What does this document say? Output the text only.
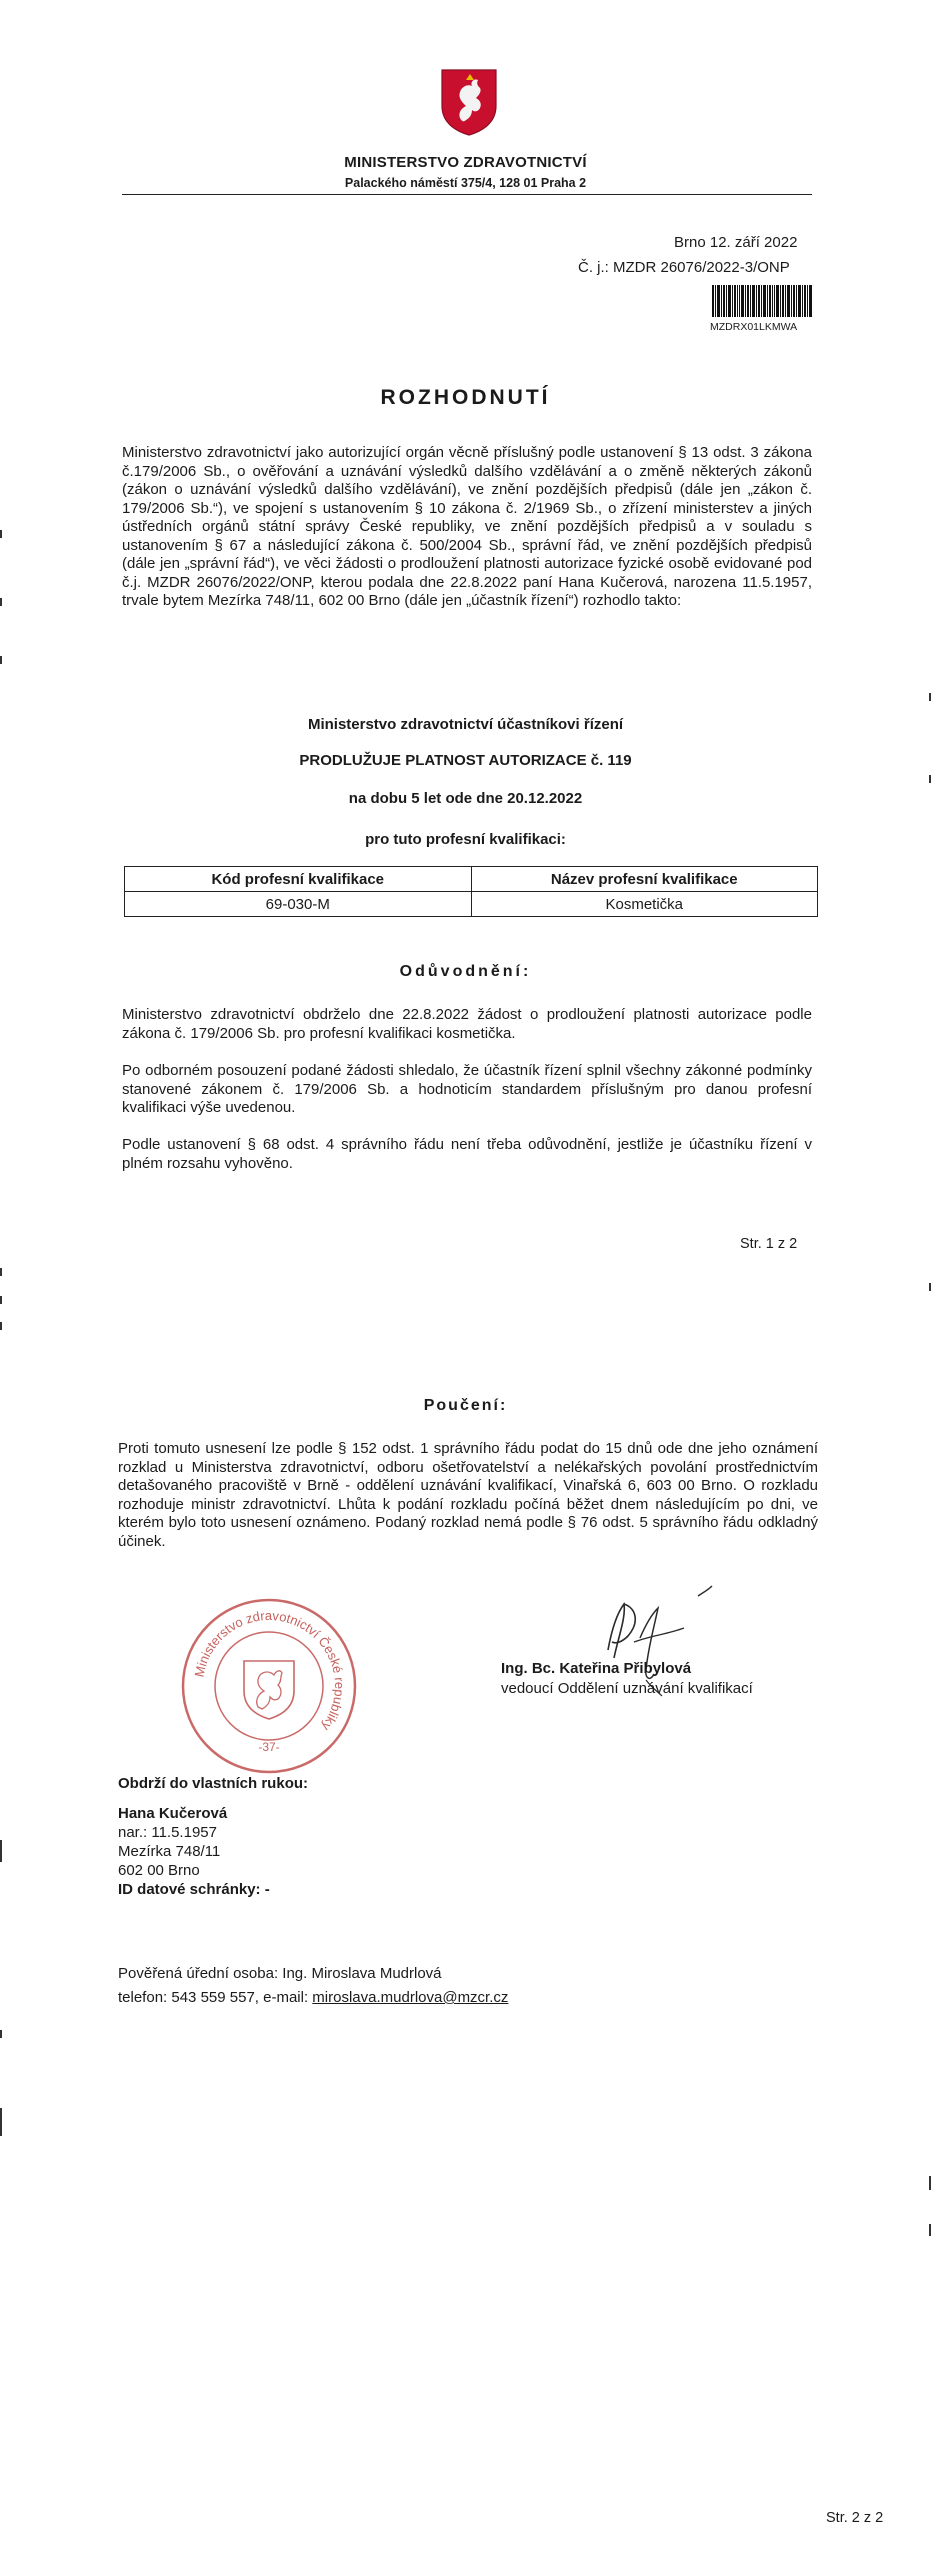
MINISTERSTVO ZDRAVOTNICTVÍ
Palackého náměstí 375/4, 128 01 Praha 2
Brno 12. září 2022
Č. j.: MZDR 26076/2022-3/ONP
MZDRX01LKMWA
ROZHODNUTÍ
Ministerstvo zdravotnictví jako autorizující orgán věcně příslušný podle ustanovení § 13 odst. 3 zákona č.179/2006 Sb., o ověřování a uznávání výsledků dalšího vzdělávání a o změně některých zákonů (zákon o uznávání výsledků dalšího vzdělávání), ve znění pozdějších předpisů (dále jen „zákon č. 179/2006 Sb.“), ve spojení s ustanovením § 10 zákona č. 2/1969 Sb., o zřízení ministerstev a jiných ústředních orgánů státní správy České republiky, ve znění pozdějších předpisů a v souladu s ustanovením § 67 a následující zákona č. 500/2004 Sb., správní řád, ve znění pozdějších předpisů (dále jen „správní řád“), ve věci žádosti o prodloužení platnosti autorizace fyzické osobě evidované pod č.j. MZDR 26076/2022/ONP, kterou podala dne 22.8.2022 paní Hana Kučerová, narozena 11.5.1957, trvale bytem Mezírka 748/11, 602 00 Brno (dále jen „účastník řízení“) rozhodlo takto:
Ministerstvo zdravotnictví účastníkovi řízení
PRODLUŽUJE PLATNOST AUTORIZACE č. 119
na dobu 5 let ode dne 20.12.2022
pro tuto profesní kvalifikaci:
Kód profesní kvalifikace	Název profesní kvalifikace
69-030-M	Kosmetička
Odůvodnění:
Ministerstvo zdravotnictví obdrželo dne 22.8.2022 žádost o prodloužení platnosti autorizace podle zákona č. 179/2006 Sb. pro profesní kvalifikaci kosmetička.
Po odborném posouzení podané žádosti shledalo, že účastník řízení splnil všechny zákonné podmínky stanovené zákonem č. 179/2006 Sb. a hodnoticím standardem příslušným pro danou profesní kvalifikaci výše uvedenou.
Podle ustanovení § 68 odst. 4 správního řádu není třeba odůvodnění, jestliže je účastníku řízení v plném rozsahu vyhověno.
Str. 1 z 2
Poučení:
Proti tomuto usnesení lze podle § 152 odst. 1 správního řádu podat do 15 dnů ode dne jeho oznámení rozklad u Ministerstva zdravotnictví, odboru ošetřovatelství a nelékařských povolání prostřednictvím detašovaného pracoviště v Brně - oddělení uznávání kvalifikací, Vinařská 6, 603 00 Brno. O rozkladu rozhoduje ministr zdravotnictví. Lhůta k podání rozkladu počíná běžet dnem následujícím po dni, ve kterém bylo toto usnesení oznámeno. Podaný rozklad nemá podle § 76 odst. 5 správního řádu odkladný účinek.
Ministerstvo zdravotnictví České republiky
-37-
Ing. Bc. Kateřina Přibylová
vedoucí Oddělení uznávání kvalifikací
Obdrží do vlastních rukou:
Hana Kučerová
nar.: 11.5.1957
Mezírka 748/11
602 00 Brno
ID datové schránky: -
Pověřená úřední osoba: Ing. Miroslava Mudrlová
telefon: 543 559 557, e-mail: miroslava.mudrlova@mzcr.cz
Str. 2 z 2
